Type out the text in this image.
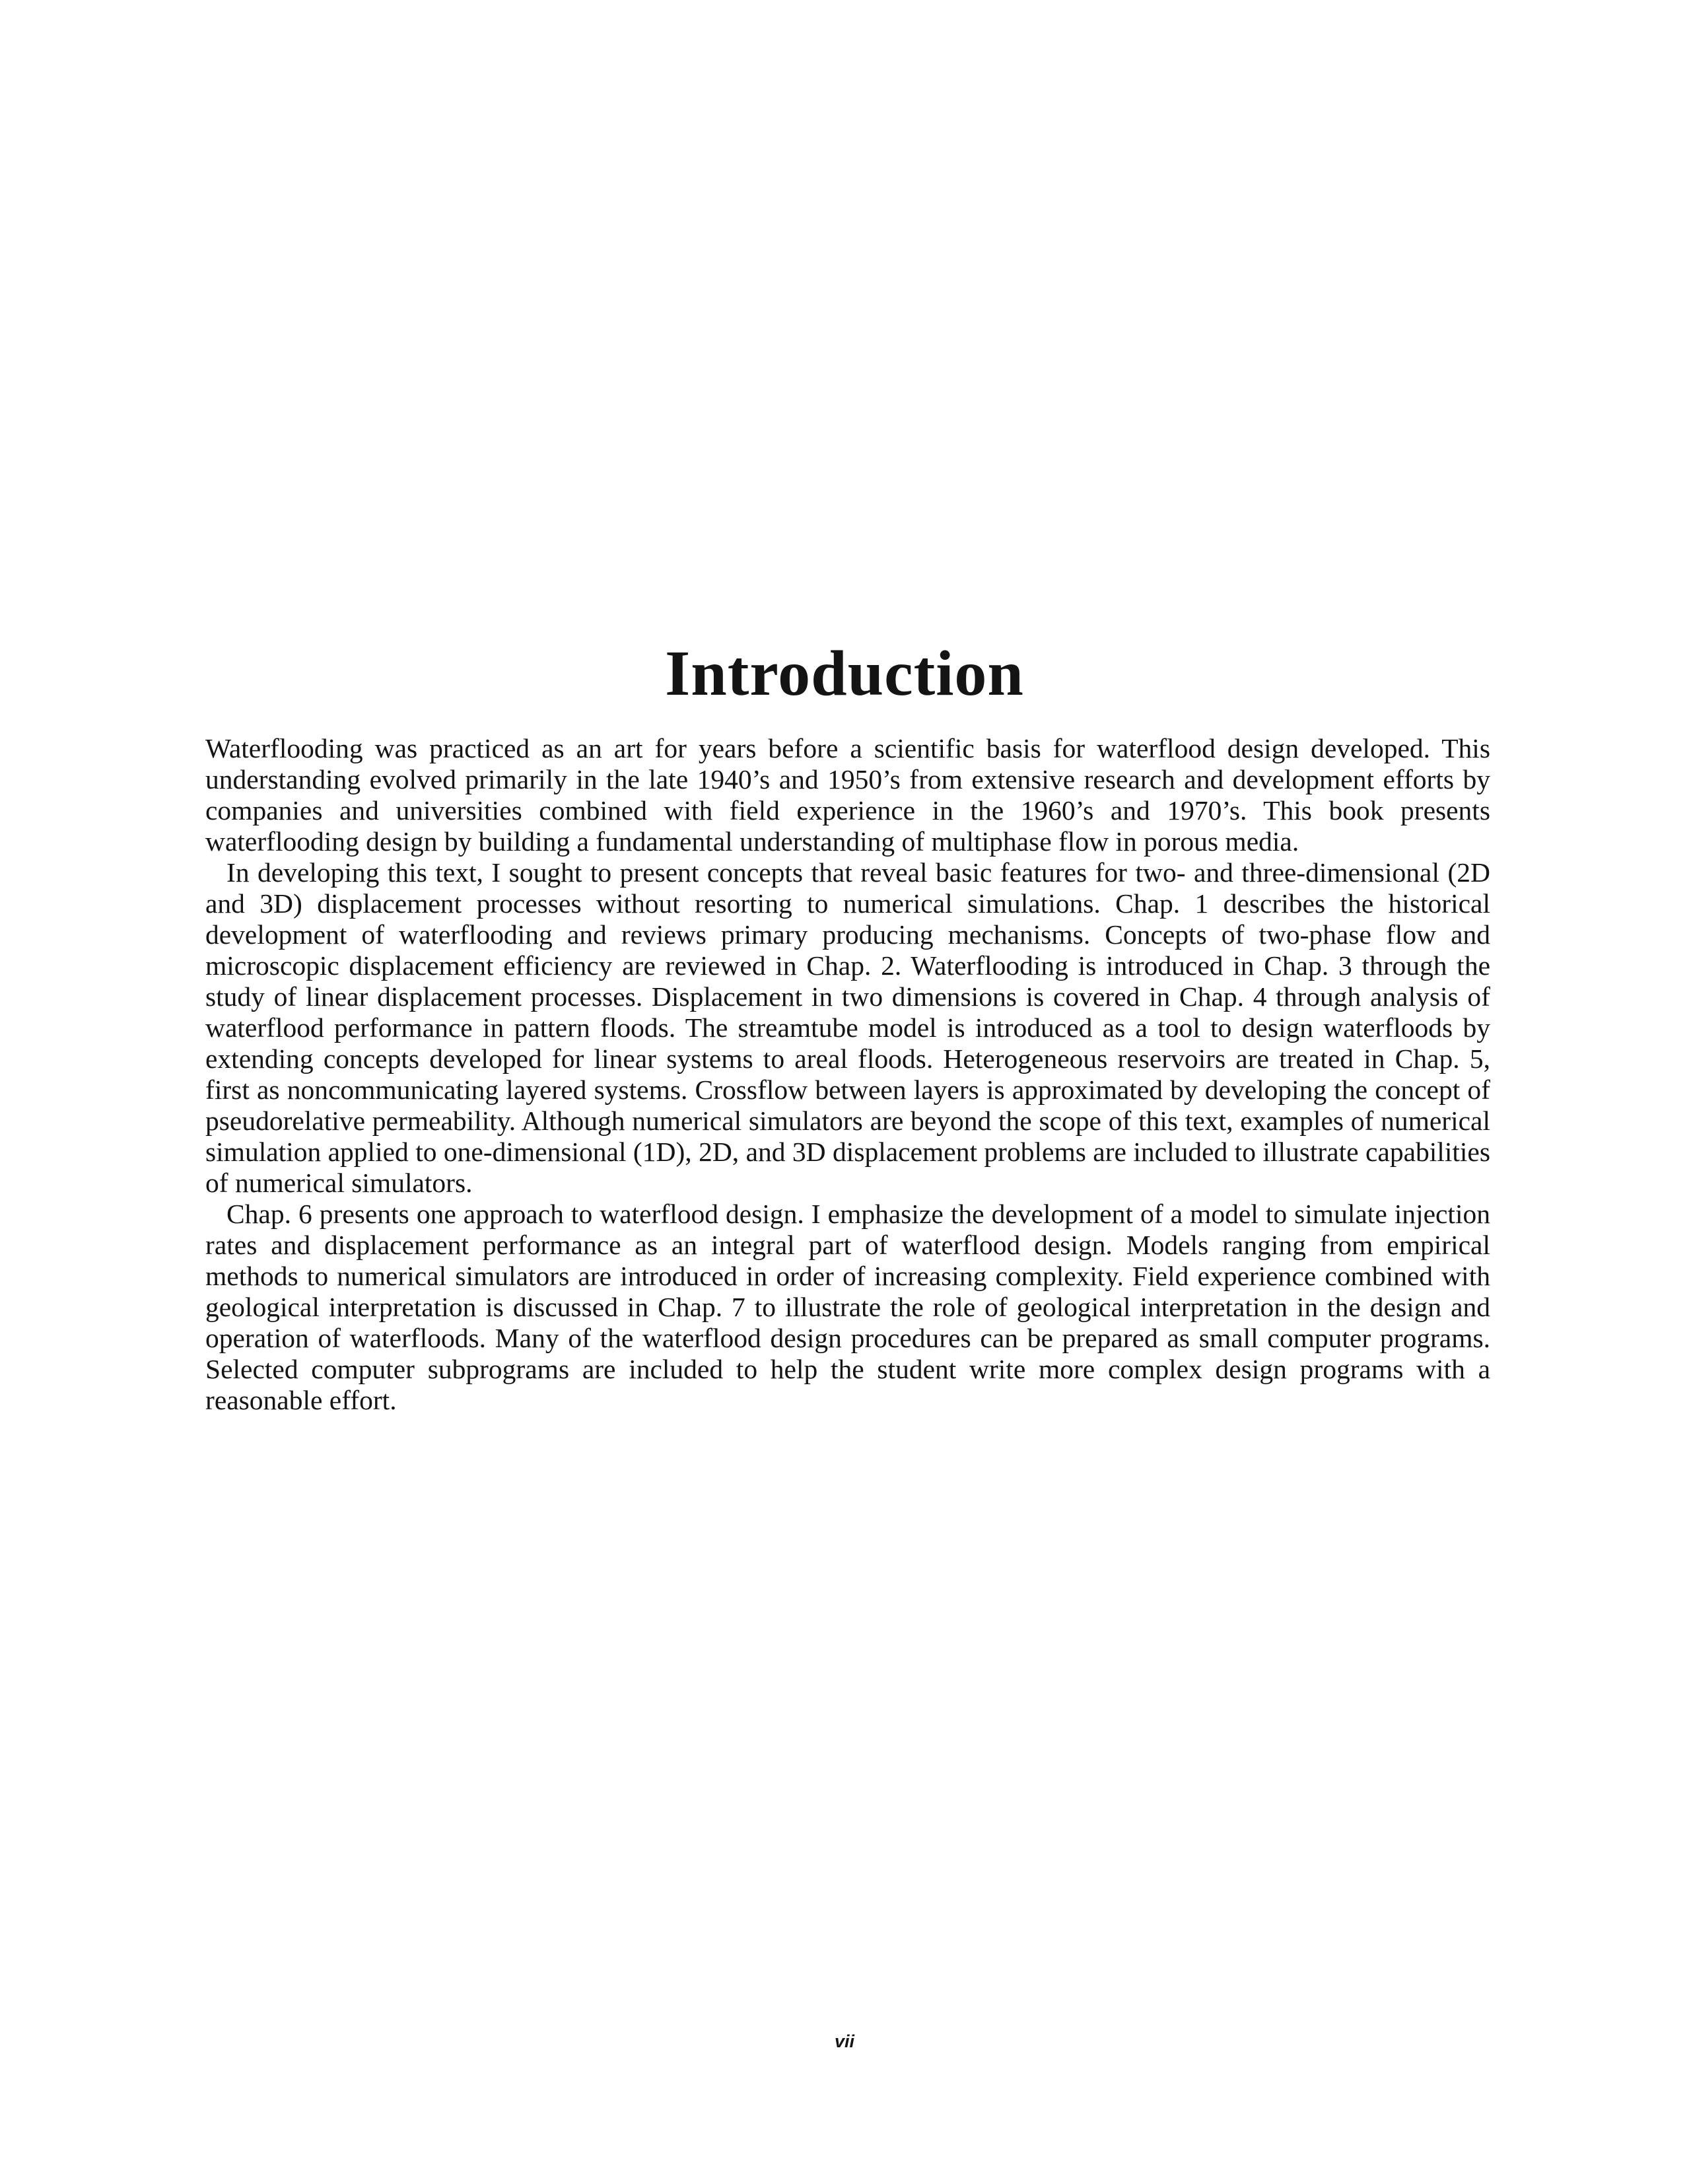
Introduction

Waterflooding was practiced as an art for years before a scientific basis for waterflood design developed. This understanding evolved primarily in the late 1940’s and 1950’s from extensive research and development efforts by companies and universities combined with field experience in the 1960’s and 1970’s. This book presents waterflooding design by building a fundamental understanding of multiphase flow in porous media.

In developing this text, I sought to present concepts that reveal basic features for two- and three-dimensional (2D and 3D) displacement processes without resorting to numerical simulations. Chap. 1 describes the historical development of waterflooding and reviews primary producing mechanisms. Concepts of two-phase flow and microscopic displacement efficiency are reviewed in Chap. 2. Waterflooding is introduced in Chap. 3 through the study of linear displacement processes. Displacement in two dimensions is covered in Chap. 4 through analysis of waterflood performance in pattern floods. The streamtube model is introduced as a tool to design waterfloods by extending concepts developed for linear systems to areal floods. Heterogeneous reservoirs are treated in Chap. 5, first as noncommunicating layered systems. Crossflow between layers is approximated by developing the concept of pseudorelative permeability. Although numerical simulators are beyond the scope of this text, examples of numerical simulation applied to one-dimensional (1D), 2D, and 3D displacement problems are included to illustrate capabilities of numerical simulators.

Chap. 6 presents one approach to waterflood design. I emphasize the development of a model to simulate injection rates and displacement performance as an integral part of waterflood design. Models ranging from empirical methods to numerical simulators are introduced in order of increasing complexity. Field experience combined with geological interpretation is discussed in Chap. 7 to illustrate the role of geological interpretation in the design and operation of waterfloods. Many of the waterflood design procedures can be prepared as small computer programs. Selected computer subprograms are included to help the student write more complex design programs with a reasonable effort.

vii
